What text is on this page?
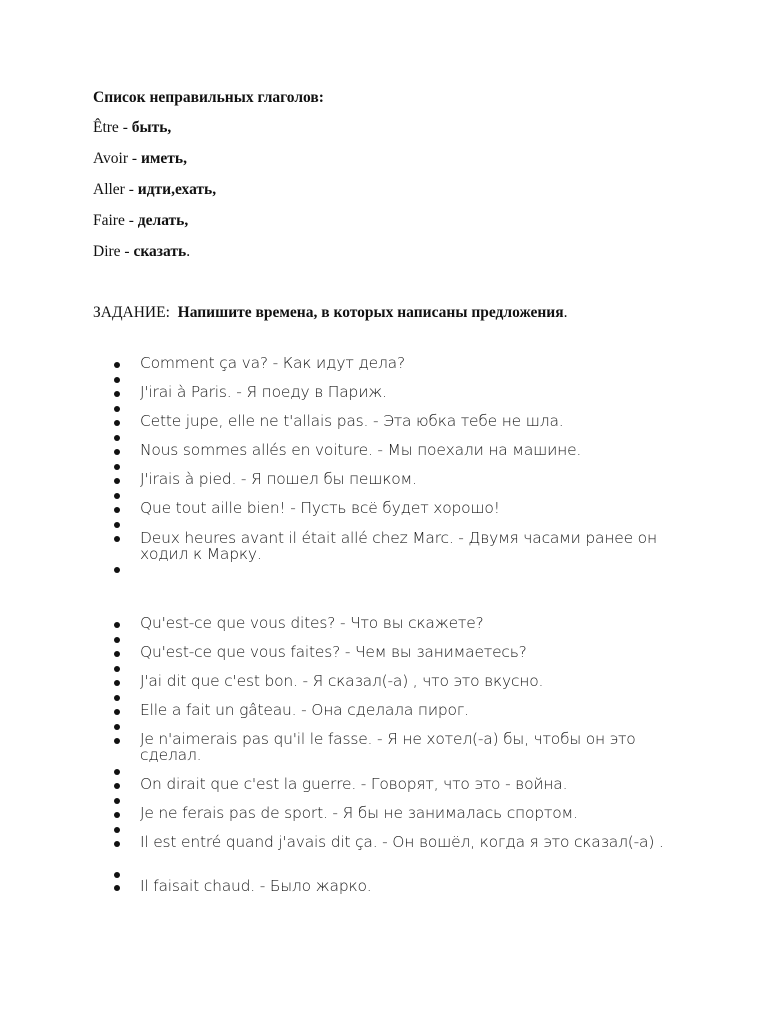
Список неправильных глаголов:
Être - быть,
Avoir - иметь,
Aller - идти,ехать,
Faire - делать,
Dire - сказать.
ЗАДАНИЕ: Напишите времена, в которых написаны предложения.
Comment ça va? - Как идут дела?
J'irai à Paris. - Я поеду в Париж.
Cette jupe, elle ne t'allais pas. - Эта юбка тебе не шла.
Nous sommes allés en voiture. - Мы поехали на машине.
J'irais à pied. - Я пошел бы пешком.
Que tout aille bien! - Пусть всё будет хорошо!
Deux heures avant il était allé chez Marc. - Двумя часами ранее он ходил к Марку.
Qu'est-ce que vous dites? - Что вы скажете?
Qu'est-ce que vous faites? - Чем вы занимаетесь?
J'ai dit que c'est bon. - Я сказал(-а) , что это вкусно.
Elle a fait un gâteau. - Она сделала пирог.
Je n'aimerais pas qu'il le fasse. - Я не хотел(-а) бы, чтобы он это сделал.
On dirait que c'est la guerre. - Говорят, что это - война.
Je ne ferais pas de sport. - Я бы не занималась спортом.
Il est entré quand j'avais dit ça. - Он вошёл, когда я это сказал(-а) .
Il faisait chaud. - Было жарко.
